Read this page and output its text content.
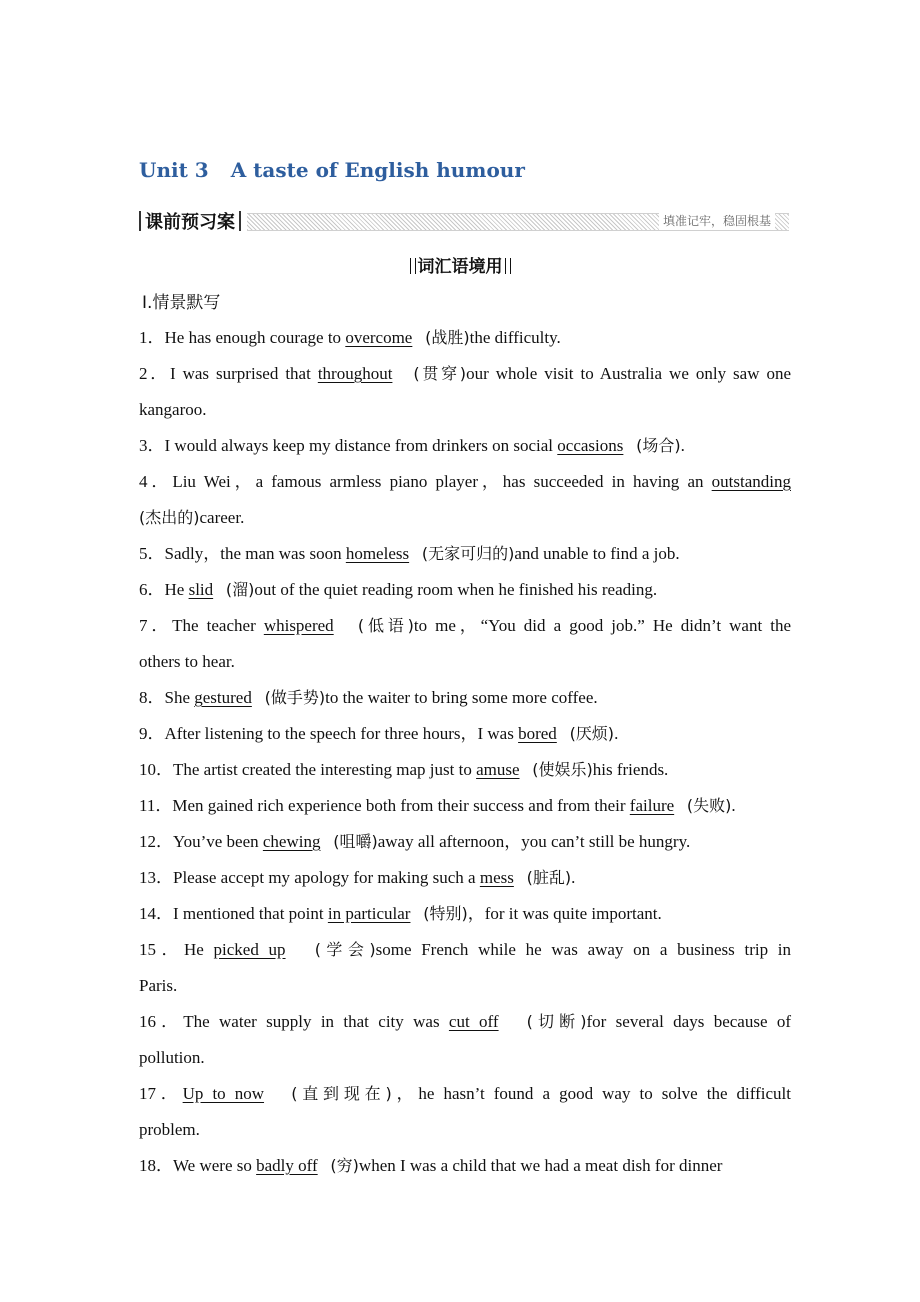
Unit 3 A taste of English humour
课前预习案	填准记牢，稳固根基
词汇语境用
Ⅰ.情景默写
1．He has enough courage to overcome (战胜)the difficulty.
2．I was surprised that throughout (贯穿)our whole visit to Australia we only saw one
kangaroo.
3．I would always keep my distance from drinkers on social occasions (场合).
4．Liu Wei，a famous armless piano player，has succeeded in having an outstanding
(杰出的)career.
5．Sadly，the man was soon homeless (无家可归的)and unable to find a job.
6．He slid (溜)out of the quiet reading room when he finished his reading.
7．The teacher whispered (低语)to me，“You did a good job.” He didn’t want the
others to hear.
8．She gestured (做手势)to the waiter to bring some more coffee.
9．After listening to the speech for three hours，I was bored (厌烦).
10．The artist created the interesting map just to amuse (使娱乐)his friends.
11．Men gained rich experience both from their success and from their failure (失败).
12．You’ve been chewing (咀嚼)away all afternoon，you can’t still be hungry.
13．Please accept my apology for making such a mess (脏乱).
14．I mentioned that point in particular (特别)，for it was quite important.
15．He picked up (学会)some French while he was away on a business trip in
Paris.
16．The water supply in that city was cut off (切断)for several days because of
pollution.
17．Up to now (直到现在)，he hasn’t found a good way to solve the difficult
problem.
18．We were so badly off (穷)when I was a child that we had a meat dish for dinner
